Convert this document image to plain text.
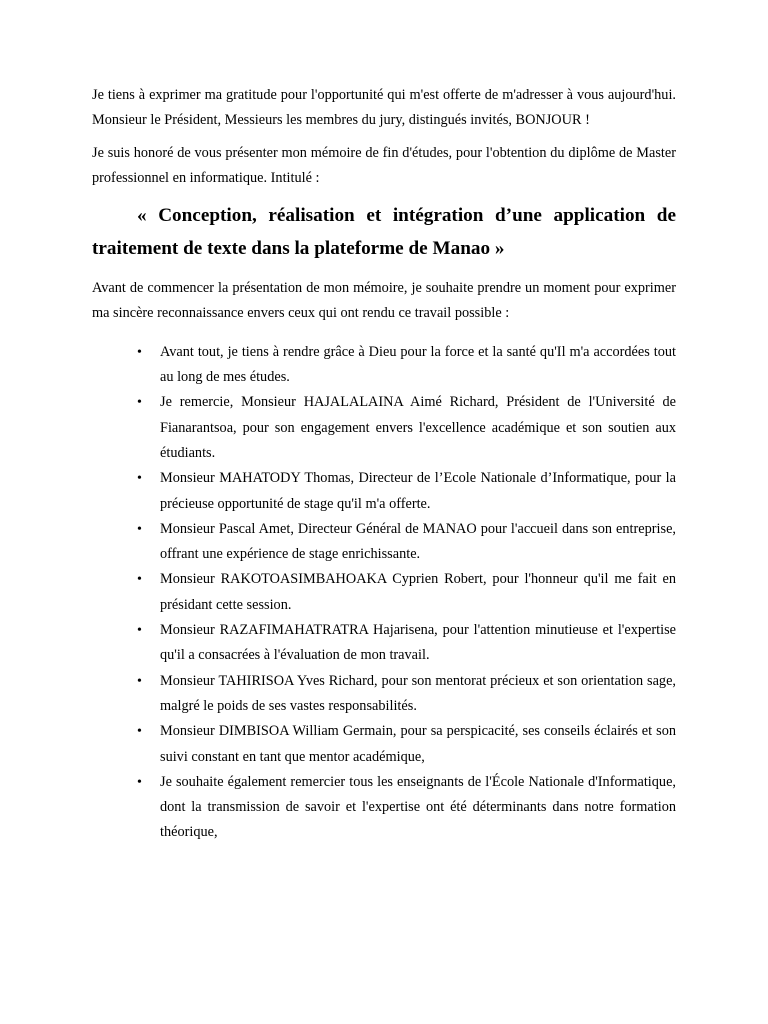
Je tiens à exprimer ma gratitude pour l'opportunité qui m'est offerte de m'adresser à vous aujourd'hui. Monsieur le Président, Messieurs les membres du jury, distingués invités, BONJOUR !

Je suis honoré de vous présenter mon mémoire de fin d'études, pour l'obtention du diplôme de Master professionnel en informatique. Intitulé :

« Conception, réalisation et intégration d’une application de traitement de texte dans la plateforme de Manao »

Avant de commencer la présentation de mon mémoire, je souhaite prendre un moment pour exprimer ma sincère reconnaissance envers ceux qui ont rendu ce travail possible :

• Avant tout, je tiens à rendre grâce à Dieu pour la force et la santé qu'Il m'a accordées tout au long de mes études.
• Je remercie, Monsieur HAJALALAINA Aimé Richard, Président de l'Université de Fianarantsoa, pour son engagement envers l'excellence académique et son soutien aux étudiants.
• Monsieur MAHATODY Thomas, Directeur de l’Ecole Nationale d’Informatique, pour la précieuse opportunité de stage qu'il m'a offerte.
• Monsieur Pascal Amet, Directeur Général de MANAO pour l'accueil dans son entreprise, offrant une expérience de stage enrichissante.
• Monsieur RAKOTOASIMBAHOAKA Cyprien Robert, pour l'honneur qu'il me fait en présidant cette session.
• Monsieur RAZAFIMAHATRATRA Hajarisena, pour l'attention minutieuse et l'expertise qu'il a consacrées à l'évaluation de mon travail.
• Monsieur TAHIRISOA Yves Richard, pour son mentorat précieux et son orientation sage, malgré le poids de ses vastes responsabilités.
• Monsieur DIMBISOA William Germain, pour sa perspicacité, ses conseils éclairés et son suivi constant en tant que mentor académique,
• Je souhaite également remercier tous les enseignants de l'École Nationale d'Informatique, dont la transmission de savoir et l'expertise ont été déterminants dans notre formation théorique,
